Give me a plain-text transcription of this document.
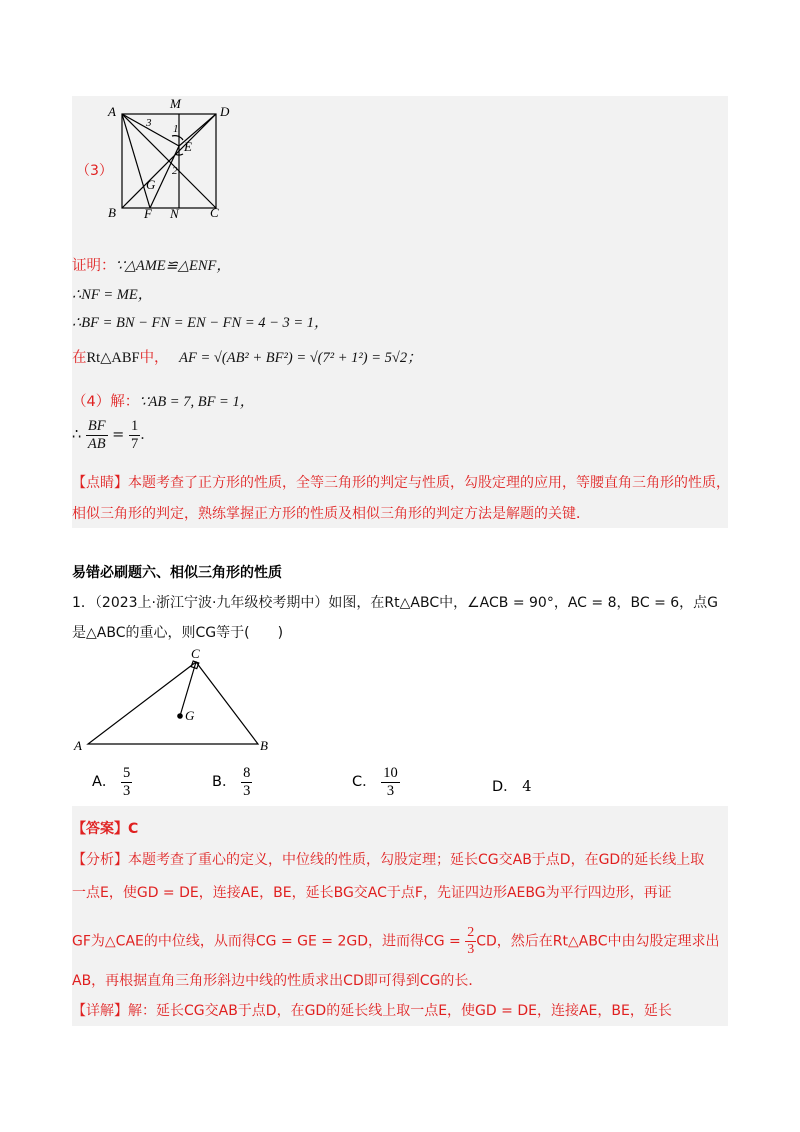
（3）
A
M
D
B F N C
E
G
1
2
3
证明：∵△AME≌△ENF，
∴NF = ME，
∴BF = BN − FN = EN − FN = 4 − 3 = 1，
在Rt△ABF中， AF = √(AB² + BF²) = √(7² + 1²) = 5√2；
（4）解：∵AB = 7, BF = 1，
∴ $\frac{BF}{AB} = \frac{1}{7}$ ．
【点睛】本题考查了正方形的性质，全等三角形的判定与性质，勾股定理的应用，等腰直角三角形的性质，
相似三角形的判定，熟练掌握正方形的性质及相似三角形的判定方法是解题的关键．
易错必刷题六、相似三角形的性质
1．（2023上·浙江宁波·九年级校考期中）如图，在Rt△ABC中，∠ACB = 90°，AC = 8，BC = 6，点G
是△ABC的重心，则CG等于(　　)
C
G
A	B
A． $\frac{5}{3}$	B． $\frac{8}{3}$	C． $\frac{10}{3}$	D． 4
【答案】C
【分析】本题考查了重心的定义，中位线的性质，勾股定理；延长CG交AB于点D，在GD的延长线上取
一点E，使GD = DE，连接AE，BE，延长BG交AC于点F，先证四边形AEBG为平行四边形，再证
GF为△CAE的中位线，从而得CG = GE = 2GD，进而得CG = $\frac{2}{3}$ CD，然后在Rt△ABC中由勾股定理求出
AB，再根据直角三角形斜边中线的性质求出CD即可得到CG的长．
【详解】解：延长CG交AB于点D，在GD的延长线上取一点E，使GD = DE，连接AE，BE，延长
